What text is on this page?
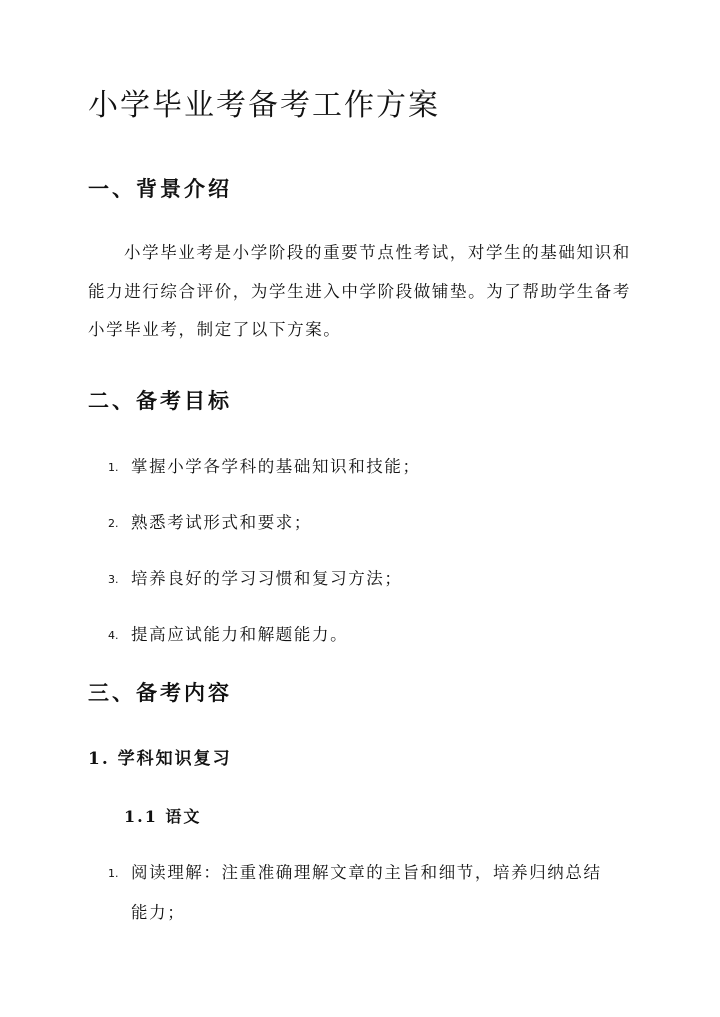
小学毕业考备考工作方案
一、背景介绍

小学毕业考是小学阶段的重要节点性考试，对学生的基础知识和能力进行综合评价，为学生进入中学阶段做铺垫。为了帮助学生备考小学毕业考，制定了以下方案。

二、备考目标
1. 掌握小学各学科的基础知识和技能；
2. 熟悉考试形式和要求；
3. 培养良好的学习习惯和复习方法；
4. 提高应试能力和解题能力。
三、备考内容
1. 学科知识复习
1.1 语文
1. 阅读理解：注重准确理解文章的主旨和细节，培养归纳总结能力；
